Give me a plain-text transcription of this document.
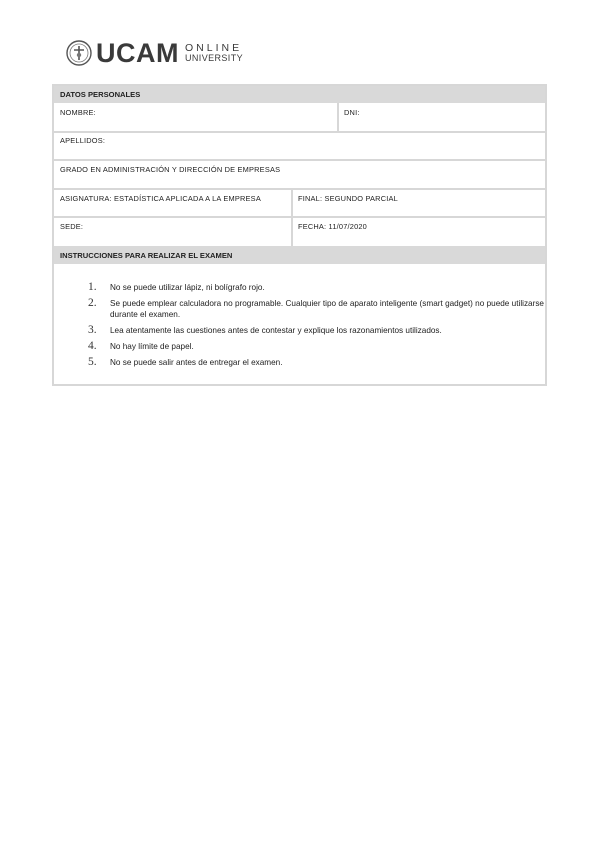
UCAM ONLINE
UNIVERSITY
DATOS PERSONALES
NOMBRE:	DNI:
APELLIDOS:
GRADO EN ADMINISTRACIÓN Y DIRECCIÓN DE EMPRESAS
ASIGNATURA: ESTADÍSTICA APLICADA A LA EMPRESA	FINAL: SEGUNDO PARCIAL
SEDE:	FECHA: 11/07/2020
INSTRUCCIONES PARA REALIZAR EL EXAMEN
1.	No se puede utilizar lápiz, ni bolígrafo rojo.
2.	Se puede emplear calculadora no programable. Cualquier tipo de aparato inteligente (smart gadget) no puede utilizarse durante el examen.
3.	Lea atentamente las cuestiones antes de contestar y explique los razonamientos utilizados.
4.	No hay límite de papel.
5.	No se puede salir antes de entregar el examen.
